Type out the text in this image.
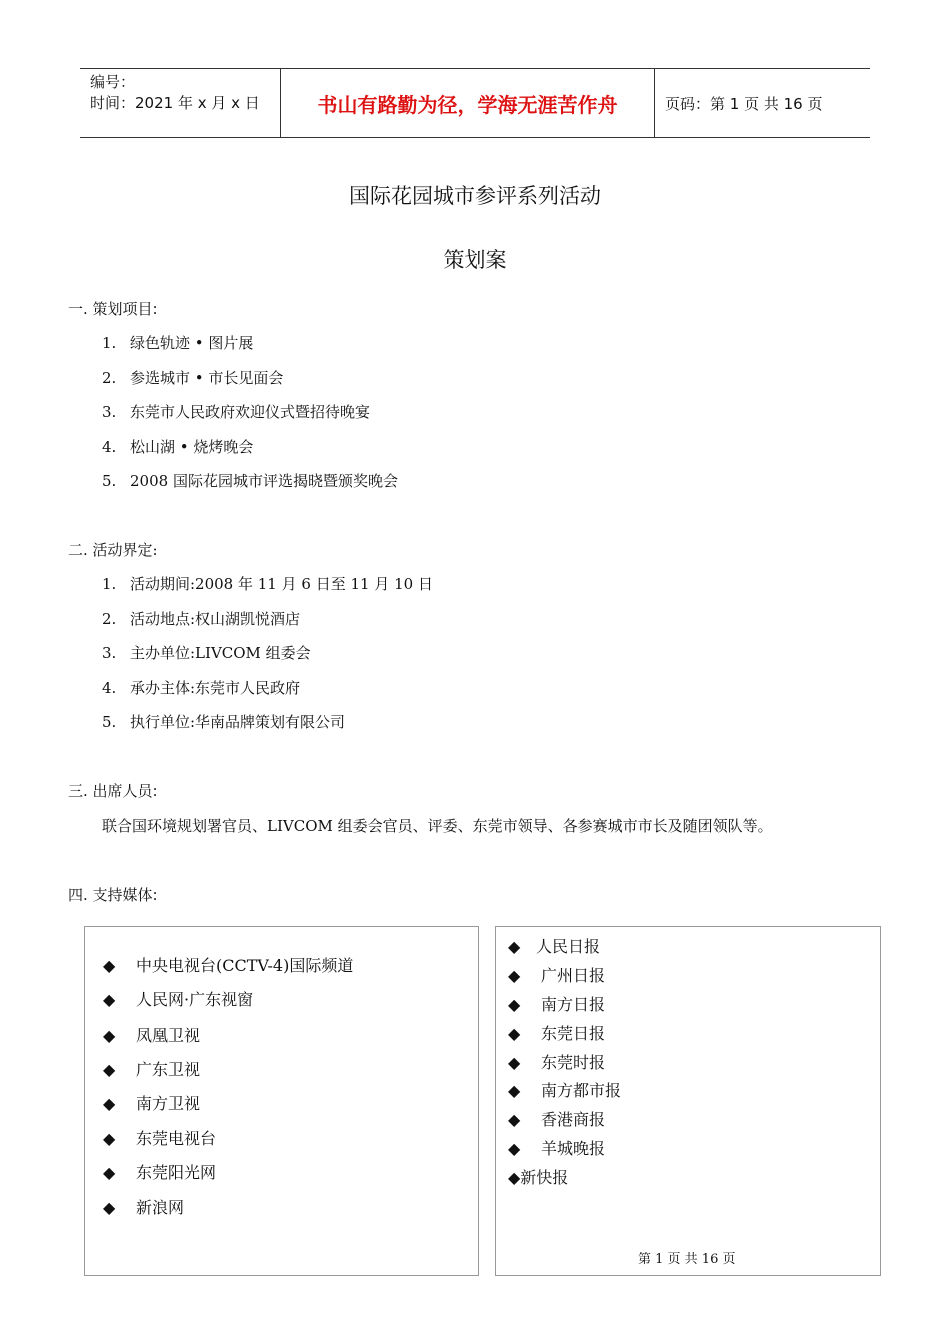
编号：
时间：2021 年 x 月 x 日	书山有路勤为径，学海无涯苦作舟	页码：第 1 页 共 16 页
国际花园城市参评系列活动
策划案
一. 策划项目:
1. 绿色轨迹 • 图片展
2. 参选城市 • 市长见面会
3. 东莞市人民政府欢迎仪式暨招待晚宴
4. 松山湖 • 烧烤晚会
5. 2008 国际花园城市评选揭晓暨颁奖晚会
二. 活动界定:
1. 活动期间:2008 年 11 月 6 日至 11 月 10 日
2. 活动地点:权山湖凯悦酒店
3. 主办单位:LIVCOM 组委会
4. 承办主体:东莞市人民政府
5. 执行单位:华南品牌策划有限公司
三. 出席人员:
联合国环境规划署官员、LIVCOM 组委会官员、评委、东莞市领导、各参赛城市市长及随团领队等。
四. 支持媒体:
◆ 中央电视台(CCTV-4)国际频道
◆ 人民网·广东视窗
◆ 凤凰卫视
◆ 广东卫视
◆ 南方卫视
◆ 东莞电视台
◆ 东莞阳光网
◆ 新浪网
◆ 人民日报
◆ 广州日报
◆ 南方日报
◆ 东莞日报
◆ 东莞时报
◆ 南方都市报
◆ 香港商报
◆ 羊城晚报
◆新快报
第 1 页 共 16 页
